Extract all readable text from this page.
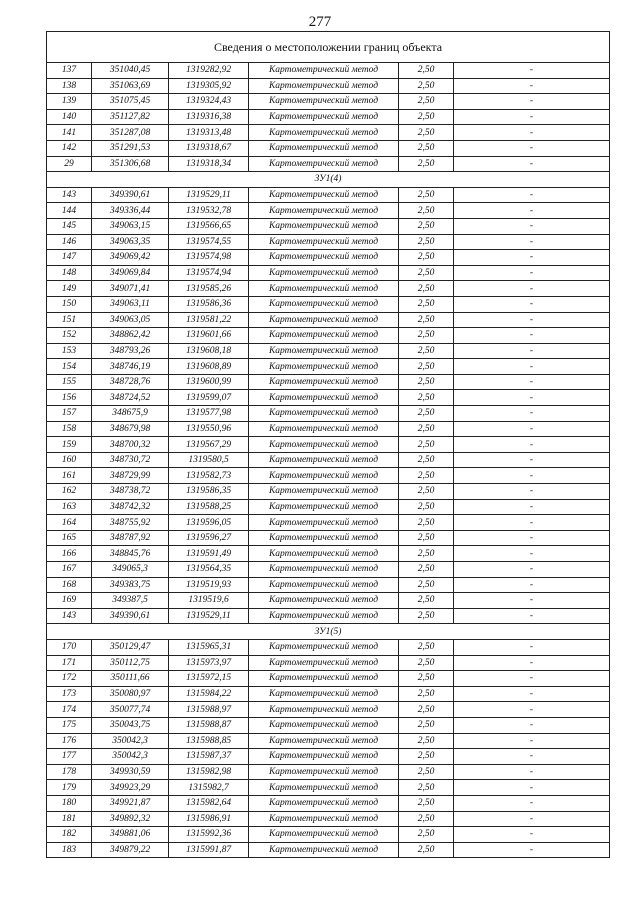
277
Сведения о местоположении границ объекта					
137	351040,45	1319282,92	Картометрический метод	2,50	-
138	351063,69	1319305,92	Картометрический метод	2,50	-
139	351075,45	1319324,43	Картометрический метод	2,50	-
140	351127,82	1319316,38	Картометрический метод	2,50	-
141	351287,08	1319313,48	Картометрический метод	2,50	-
142	351291,53	1319318,67	Картометрический метод	2,50	-
29	351306,68	1319318,34	Картометрический метод	2,50	-
ЗУ1(4)					
143	349390,61	1319529,11	Картометрический метод	2,50	-
144	349336,44	1319532,78	Картометрический метод	2,50	-
145	349063,15	1319566,65	Картометрический метод	2,50	-
146	349063,35	1319574,55	Картометрический метод	2,50	-
147	349069,42	1319574,98	Картометрический метод	2,50	-
148	349069,84	1319574,94	Картометрический метод	2,50	-
149	349071,41	1319585,26	Картометрический метод	2,50	-
150	349063,11	1319586,36	Картометрический метод	2,50	-
151	349063,05	1319581,22	Картометрический метод	2,50	-
152	348862,42	1319601,66	Картометрический метод	2,50	-
153	348793,26	1319608,18	Картометрический метод	2,50	-
154	348746,19	1319608,89	Картометрический метод	2,50	-
155	348728,76	1319600,99	Картометрический метод	2,50	-
156	348724,52	1319599,07	Картометрический метод	2,50	-
157	348675,9	1319577,98	Картометрический метод	2,50	-
158	348679,98	1319550,96	Картометрический метод	2,50	-
159	348700,32	1319567,29	Картометрический метод	2,50	-
160	348730,72	1319580,5	Картометрический метод	2,50	-
161	348729,99	1319582,73	Картометрический метод	2,50	-
162	348738,72	1319586,35	Картометрический метод	2,50	-
163	348742,32	1319588,25	Картометрический метод	2,50	-
164	348755,92	1319596,05	Картометрический метод	2,50	-
165	348787,92	1319596,27	Картометрический метод	2,50	-
166	348845,76	1319591,49	Картометрический метод	2,50	-
167	349065,3	1319564,35	Картометрический метод	2,50	-
168	349383,75	1319519,93	Картометрический метод	2,50	-
169	349387,5	1319519,6	Картометрический метод	2,50	-
143	349390,61	1319529,11	Картометрический метод	2,50	-
ЗУ1(5)					
170	350129,47	1315965,31	Картометрический метод	2,50	-
171	350112,75	1315973,97	Картометрический метод	2,50	-
172	350111,66	1315972,15	Картометрический метод	2,50	-
173	350080,97	1315984,22	Картометрический метод	2,50	-
174	350077,74	1315988,97	Картометрический метод	2,50	-
175	350043,75	1315988,87	Картометрический метод	2,50	-
176	350042,3	1315988,85	Картометрический метод	2,50	-
177	350042,3	1315987,37	Картометрический метод	2,50	-
178	349930,59	1315982,98	Картометрический метод	2,50	-
179	349923,29	1315982,7	Картометрический метод	2,50	-
180	349921,87	1315982,64	Картометрический метод	2,50	-
181	349892,32	1315986,91	Картометрический метод	2,50	-
182	349881,06	1315992,36	Картометрический метод	2,50	-
183	349879,22	1315991,87	Картометрический метод	2,50	-
